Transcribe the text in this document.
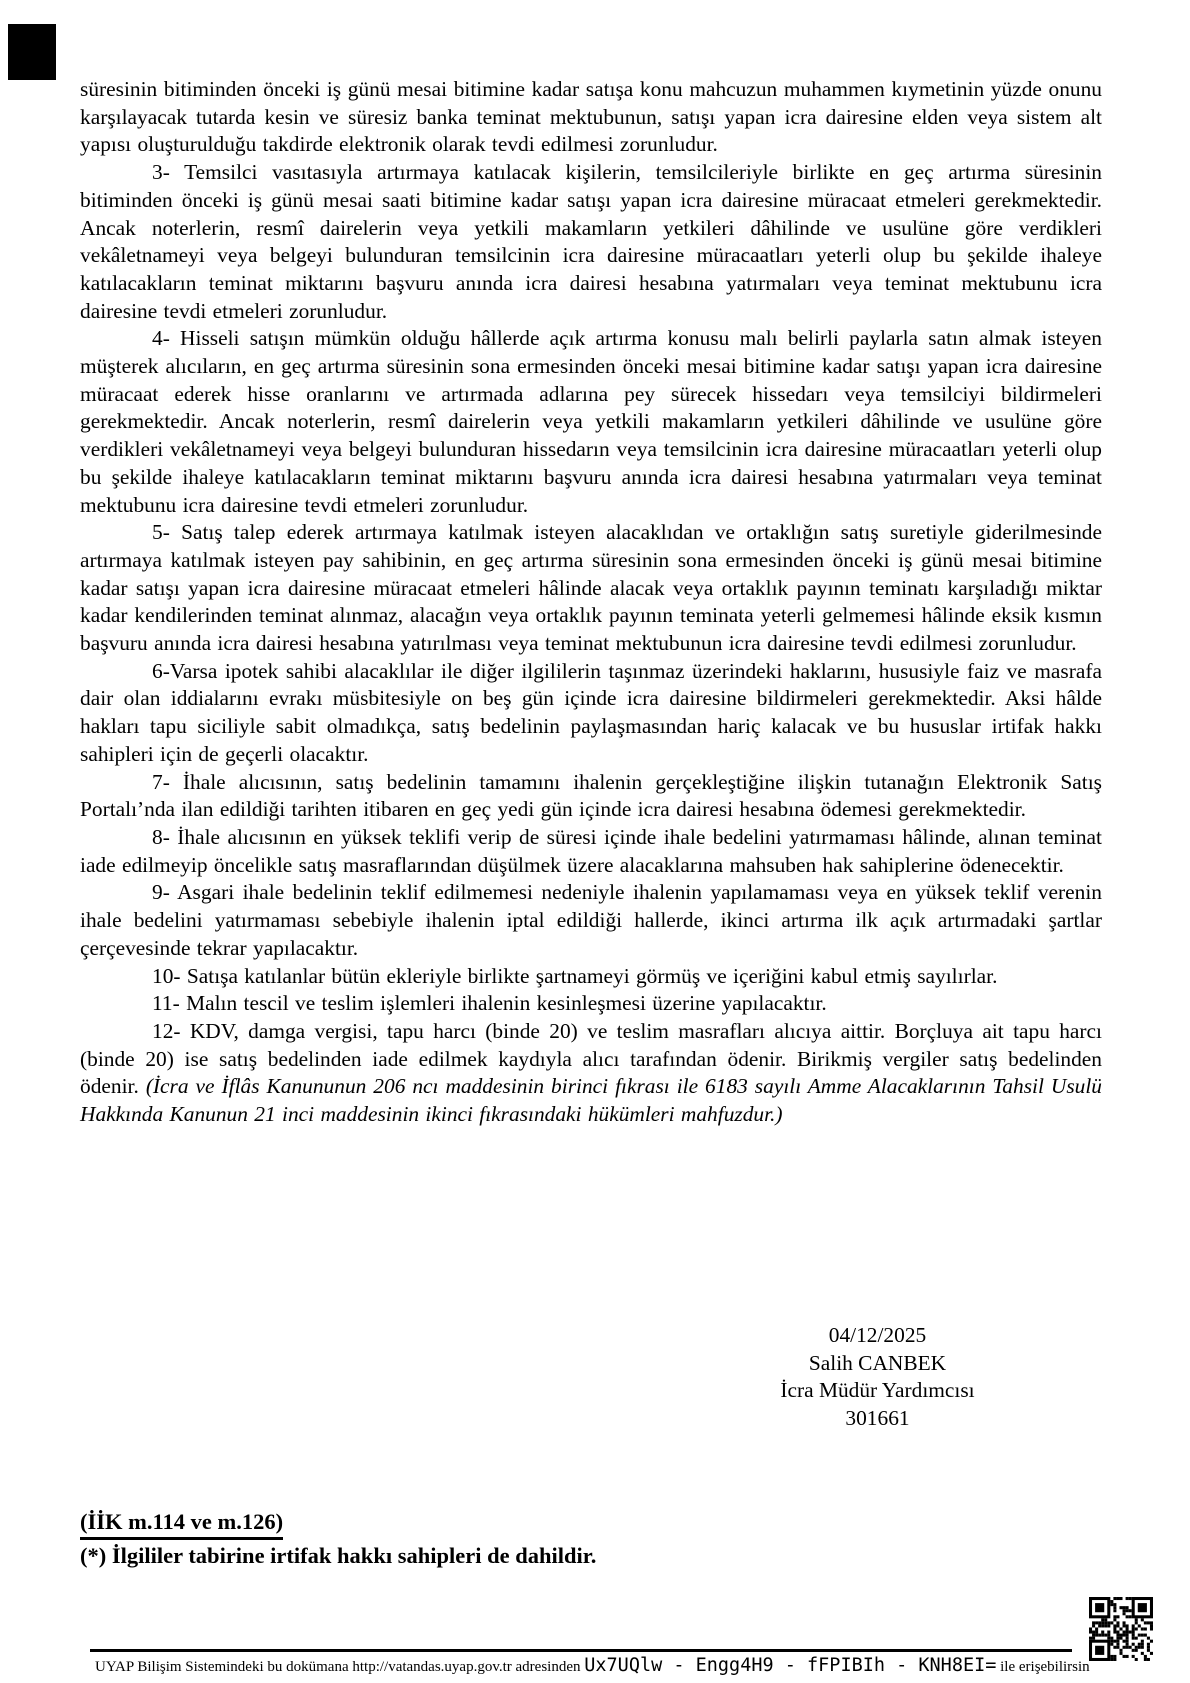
süresinin bitiminden önceki iş günü mesai bitimine kadar satışa konu mahcuzun muhammen kıymetinin yüzde onunu karşılayacak tutarda kesin ve süresiz banka teminat mektubunun, satışı yapan icra dairesine elden veya sistem alt yapısı oluşturulduğu takdirde elektronik olarak tevdi edilmesi zorunludur.

3- Temsilci vasıtasıyla artırmaya katılacak kişilerin, temsilcileriyle birlikte en geç artırma süresinin bitiminden önceki iş günü mesai saati bitimine kadar satışı yapan icra dairesine müracaat etmeleri gerekmektedir. Ancak noterlerin, resmî dairelerin veya yetkili makamların yetkileri dâhilinde ve usulüne göre verdikleri vekâletnameyi veya belgeyi bulunduran temsilcinin icra dairesine müracaatları yeterli olup bu şekilde ihaleye katılacakların teminat miktarını başvuru anında icra dairesi hesabına yatırmaları veya teminat mektubunu icra dairesine tevdi etmeleri zorunludur.

4- Hisseli satışın mümkün olduğu hâllerde açık artırma konusu malı belirli paylarla satın almak isteyen müşterek alıcıların, en geç artırma süresinin sona ermesinden önceki mesai bitimine kadar satışı yapan icra dairesine müracaat ederek hisse oranlarını ve artırmada adlarına pey sürecek hissedarı veya temsilciyi bildirmeleri gerekmektedir. Ancak noterlerin, resmî dairelerin veya yetkili makamların yetkileri dâhilinde ve usulüne göre verdikleri vekâletnameyi veya belgeyi bulunduran hissedarın veya temsilcinin icra dairesine müracaatları yeterli olup bu şekilde ihaleye katılacakların teminat miktarını başvuru anında icra dairesi hesabına yatırmaları veya teminat mektubunu icra dairesine tevdi etmeleri zorunludur.

5- Satış talep ederek artırmaya katılmak isteyen alacaklıdan ve ortaklığın satış suretiyle giderilmesinde artırmaya katılmak isteyen pay sahibinin, en geç artırma süresinin sona ermesinden önceki iş günü mesai bitimine kadar satışı yapan icra dairesine müracaat etmeleri hâlinde alacak veya ortaklık payının teminatı karşıladığı miktar kadar kendilerinden teminat alınmaz, alacağın veya ortaklık payının teminata yeterli gelmemesi hâlinde eksik kısmın başvuru anında icra dairesi hesabına yatırılması veya teminat mektubunun icra dairesine tevdi edilmesi zorunludur.

6-Varsa ipotek sahibi alacaklılar ile diğer ilgililerin taşınmaz üzerindeki haklarını, hususiyle faiz ve masrafa dair olan iddialarını evrakı müsbitesiyle on beş gün içinde icra dairesine bildirmeleri gerekmektedir. Aksi hâlde hakları tapu siciliyle sabit olmadıkça, satış bedelinin paylaşmasından hariç kalacak ve bu hususlar irtifak hakkı sahipleri için de geçerli olacaktır.

7- İhale alıcısının, satış bedelinin tamamını ihalenin gerçekleştiğine ilişkin tutanağın Elektronik Satış Portalı’nda ilan edildiği tarihten itibaren en geç yedi gün içinde icra dairesi hesabına ödemesi gerekmektedir.

8- İhale alıcısının en yüksek teklifi verip de süresi içinde ihale bedelini yatırmaması hâlinde, alınan teminat iade edilmeyip öncelikle satış masraflarından düşülmek üzere alacaklarına mahsuben hak sahiplerine ödenecektir.

9- Asgari ihale bedelinin teklif edilmemesi nedeniyle ihalenin yapılamaması veya en yüksek teklif verenin ihale bedelini yatırmaması sebebiyle ihalenin iptal edildiği hallerde, ikinci artırma ilk açık artırmadaki şartlar çerçevesinde tekrar yapılacaktır.

10- Satışa katılanlar bütün ekleriyle birlikte şartnameyi görmüş ve içeriğini kabul etmiş sayılırlar.

11- Malın tescil ve teslim işlemleri ihalenin kesinleşmesi üzerine yapılacaktır.

12- KDV, damga vergisi, tapu harcı (binde 20) ve teslim masrafları alıcıya aittir. Borçluya ait tapu harcı (binde 20) ise satış bedelinden iade edilmek kaydıyla alıcı tarafından ödenir. Birikmiş vergiler satış bedelinden ödenir. (İcra ve İflâs Kanununun 206 ncı maddesinin birinci fıkrası ile 6183 sayılı Amme Alacaklarının Tahsil Usulü Hakkında Kanunun 21 inci maddesinin ikinci fıkrasındaki hükümleri mahfuzdur.)

04/12/2025
Salih CANBEK
İcra Müdür Yardımcısı
301661
(İİK m.114 ve m.126)
(*) İlgililer tabirine irtifak hakkı sahipleri de dahildir.
UYAP Bilişim Sistemindeki bu dokümana http://vatandas.uyap.gov.tr adresinden Ux7UQlw - Engg4H9 - fFPIBIh - KNH8EI= ile erişebilirsin
